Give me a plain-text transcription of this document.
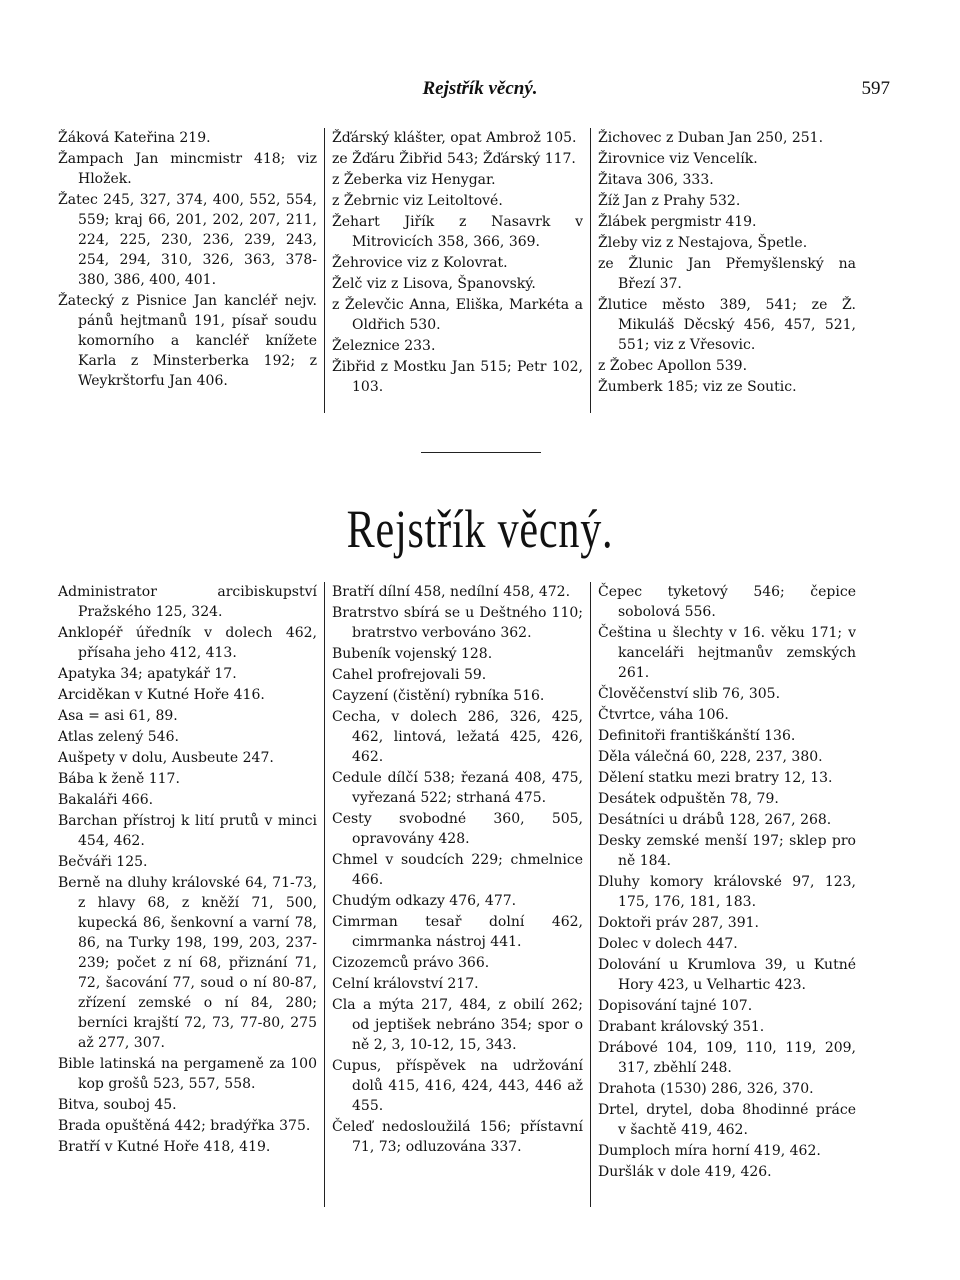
Rejstřík věcný.	597

Žáková Kateřina 219.

Žampach Jan mincmistr 418; viz Hložek.

Žatec 245, 327, 374, 400, 552, 554, 559; kraj 66, 201, 202, 207, 211, 224, 225, 230, 236, 239, 243, 254, 294, 310, 326, 363, 378-380, 386, 400, 401.

Žatecký z Pisnice Jan kancléř nejv. pánů hejtmanů 191, písař soudu komorního a kancléř knížete Karla z Minsterberka 192; z Weykrštorfu Jan 406.

Žďárský klášter, opat Ambrož 105.

ze Žďáru Žibřid 543; Žďárský 117.

z Žeberka viz Henygar.

z Žebrnic viz Leitoltové.

Žehart Jiřík z Nasavrk v Mitrovicích 358, 366, 369.

Žehrovice viz z Kolovrat.

Želč viz z Lisova, Španovský.

z Želevčic Anna, Eliška, Markéta a Oldřich 530.

Železnice 233.

Žibřid z Mostku Jan 515; Petr 102, 103.

Žichovec z Duban Jan 250, 251.

Žirovnice viz Vencelík.

Žitava 306, 333.

Žíž Jan z Prahy 532.

Žlábek pergmistr 419.

Žleby viz z Nestajova, Špetle.

ze Žlunic Jan Přemyšlenský na Březí 37.

Žlutice město 389, 541; ze Ž. Mikuláš Děcský 456, 457, 521, 551; viz z Vřesovic.

z Žobec Apollon 539.

Žumberk 185; viz ze Soutic.

Rejstřík věcný.

Administrator arcibiskupství Pražského 125, 324.

Anklopéř úředník v dolech 462, přísaha jeho 412, 413.

Apatyka 34; apatykář 17.

Arciděkan v Kutné Hoře 416.

Asa = asi 61, 89.

Atlas zelený 546.

Aušpety v dolu, Ausbeute 247.

Bába k ženě 117.

Bakaláři 466.

Barchan přístroj k lití prutů v minci 454, 462.

Bečváři 125.

Berně na dluhy královské 64, 71-73, z hlavy 68, z kněží 71, 500, kupecká 86, šenkovní a varní 78, 86, na Turky 198, 199, 203, 237-239; počet z ní 68, přiznání 71, 72, šacování 77, soud o ní 80-87, zřízení zemské o ní 84, 280; berníci krajští 72, 73, 77-80, 275 až 277, 307.

Bible latinská na pergameně za 100 kop grošů 523, 557, 558.

Bitva, souboj 45.

Brada opuštěná 442; bradýřka 375.

Bratří v Kutné Hoře 418, 419.

Bratří dílní 458, nedílní 458, 472.

Bratrstvo sbírá se u Deštného 110; bratrstvo verbováno 362.

Bubeník vojenský 128.

Cahel profrejovali 59.

Cayzení (čistění) rybníka 516.

Cecha, v dolech 286, 326, 425, 462, lintová, ležatá 425, 426, 462.

Cedule dílčí 538; řezaná 408, 475, vyřezaná 522; strhaná 475.

Cesty svobodné 360, 505, opravovány 428.

Chmel v soudcích 229; chmelnice 466.

Chudým odkazy 476, 477.

Cimrman tesař dolní 462, cimrmanka nástroj 441.

Cizozemců právo 366.

Celní království 217.

Cla a mýta 217, 484, z obilí 262; od jeptišek nebráno 354; spor o ně 2, 3, 10-12, 15, 343.

Cupus, příspěvek na udržování dolů 415, 416, 424, 443, 446 až 455.

Čeleď nedosloužilá 156; přístavní 71, 73; odluzována 337.

Čepec tyketový 546; čepice sobolová 556.

Čeština u šlechty v 16. věku 171; v kanceláři hejtmanův zemských 261.

Člověčenství slib 76, 305.

Čtvrtce, váha 106.

Definitoři františkánští 136.

Děla válečná 60, 228, 237, 380.

Dělení statku mezi bratry 12, 13.

Desátek odpuštěn 78, 79.

Desátníci u drábů 128, 267, 268.

Desky zemské menší 197; sklep pro ně 184.

Dluhy komory královské 97, 123, 175, 176, 181, 183.

Doktoři práv 287, 391.

Dolec v dolech 447.

Dolování u Krumlova 39, u Kutné Hory 423, u Velhartic 423.

Dopisování tajné 107.

Drabant královský 351.

Drábové 104, 109, 110, 119, 209, 317, zběhlí 248.

Drahota (1530) 286, 326, 370.

Drtel, drytel, doba 8hodinné práce v šachtě 419, 462.

Dumploch míra horní 419, 462.

Duršlák v dole 419, 426.
